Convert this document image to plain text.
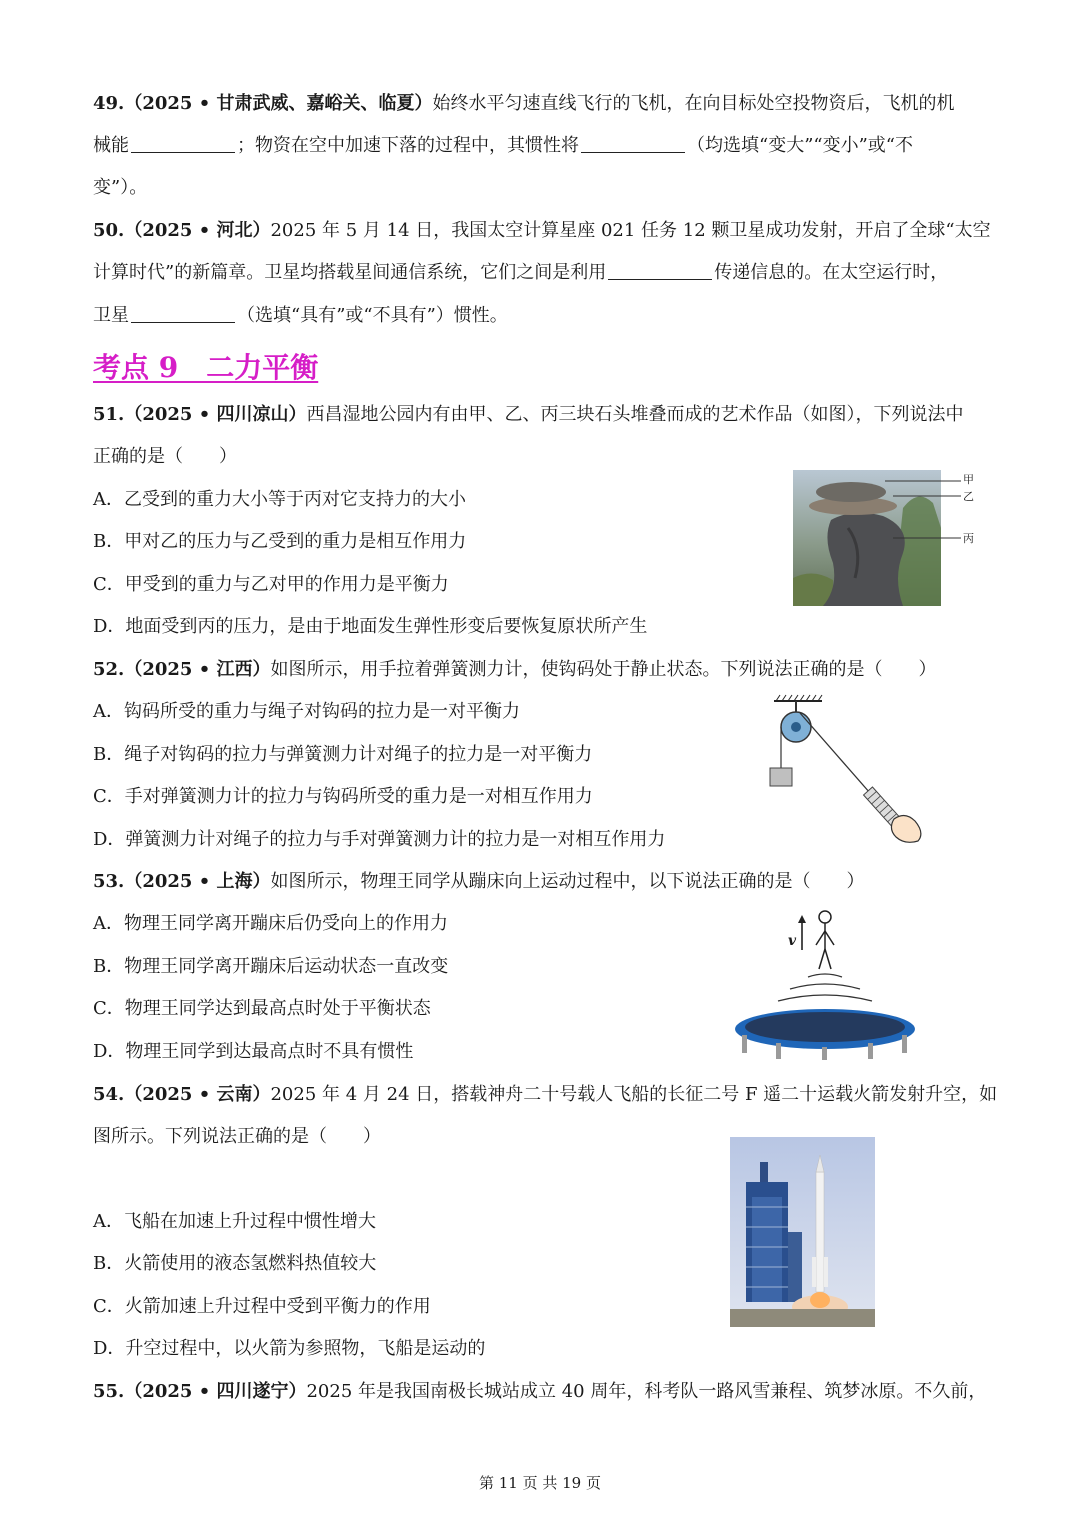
49.（2025 • 甘肃武威、嘉峪关、临夏）始终水平匀速直线飞行的飞机，在向目标处空投物资后，飞机的机
械能	；物资在空中加速下落的过程中，其惯性将	（均选填“变大”“变小”或“不
变”）。
50.（2025 • 河北）2025 年 5 月 14 日，我国太空计算星座 021 任务 12 颗卫星成功发射，开启了全球“太空
计算时代”的新篇章。卫星均搭载星间通信系统，它们之间是利用	传递信息的。在太空运行时，
卫星	（选填“具有”或“不具有”）惯性。
考点 9　二力平衡
51.（2025 • 四川凉山）西昌湿地公园内有由甲、乙、丙三块石头堆叠而成的艺术作品（如图），下列说法中
正确的是（　　）
A．乙受到的重力大小等于丙对它支持力的大小
B．甲对乙的压力与乙受到的重力是相互作用力
C．甲受到的重力与乙对甲的作用力是平衡力
D．地面受到丙的压力，是由于地面发生弹性形变后要恢复原状所产生
甲
乙
丙
52.（2025 • 江西）如图所示，用手拉着弹簧测力计，使钩码处于静止状态。下列说法正确的是（　　）
A．钩码所受的重力与绳子对钩码的拉力是一对平衡力
B．绳子对钩码的拉力与弹簧测力计对绳子的拉力是一对平衡力
C．手对弹簧测力计的拉力与钩码所受的重力是一对相互作用力
D．弹簧测力计对绳子的拉力与手对弹簧测力计的拉力是一对相互作用力
53.（2025 • 上海）如图所示，物理王同学从蹦床向上运动过程中，以下说法正确的是（　　）
A．物理王同学离开蹦床后仍受向上的作用力
B．物理王同学离开蹦床后运动状态一直改变
C．物理王同学达到最高点时处于平衡状态
D．物理王同学到达最高点时不具有惯性
v
54.（2025 • 云南）2025 年 4 月 24 日，搭载神舟二十号载人飞船的长征二号 F 遥二十运载火箭发射升空，如
图所示。下列说法正确的是（　　）
A．飞船在加速上升过程中惯性增大
B．火箭使用的液态氢燃料热值较大
C．火箭加速上升过程中受到平衡力的作用
D．升空过程中，以火箭为参照物，飞船是运动的
55.（2025 • 四川遂宁）2025 年是我国南极长城站成立 40 周年，科考队一路风雪兼程、筑梦冰原。不久前，
第 11 页 共 19 页
